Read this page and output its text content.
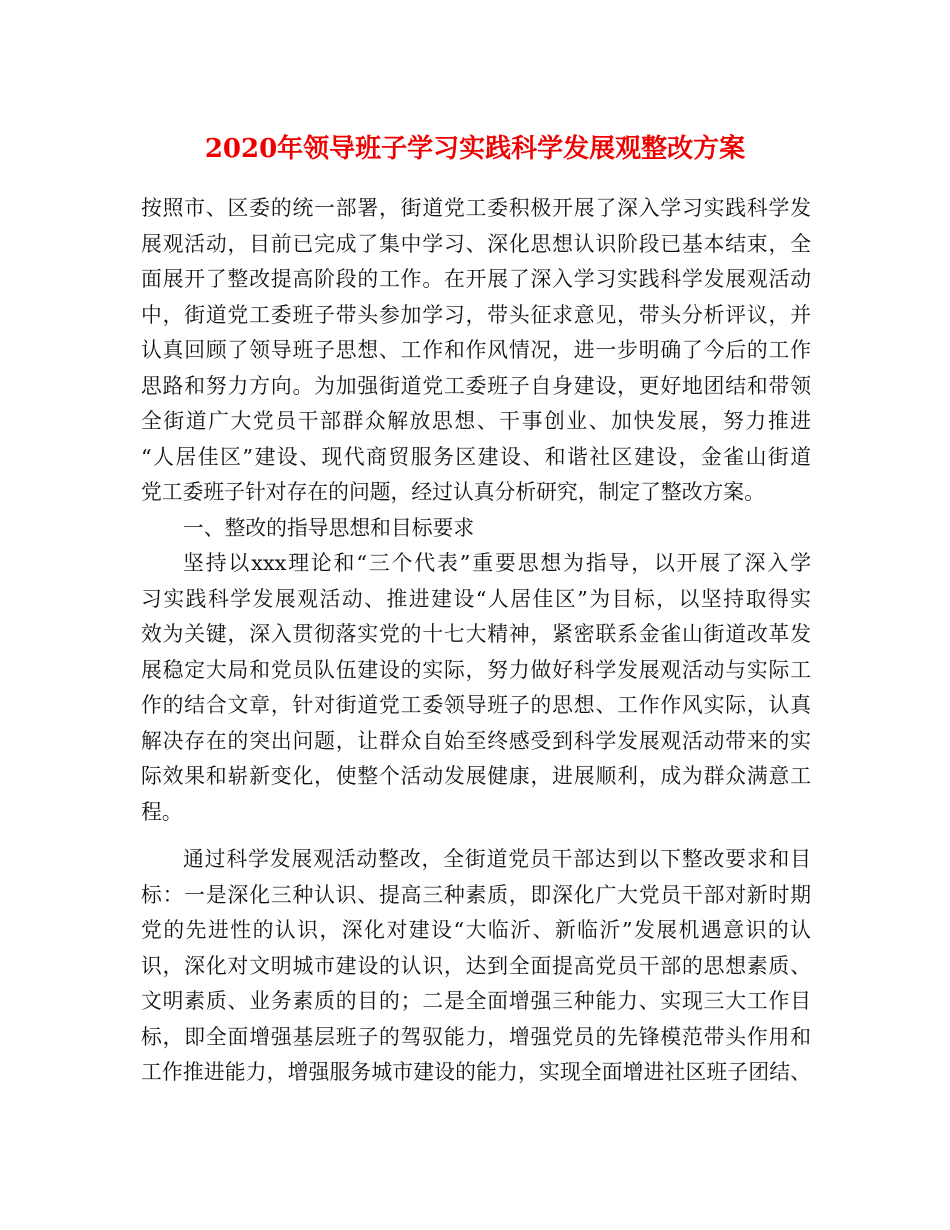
2020年领导班子学习实践科学发展观整改方案
按照市、区委的统一部署，街道党工委积极开展了深入学习实践科学发
展观活动，目前已完成了集中学习、深化思想认识阶段已基本结束，全
面展开了整改提高阶段的工作。在开展了深入学习实践科学发展观活动
中，街道党工委班子带头参加学习，带头征求意见，带头分析评议，并
认真回顾了领导班子思想、工作和作风情况，进一步明确了今后的工作
思路和努力方向。为加强街道党工委班子自身建设，更好地团结和带领
全街道广大党员干部群众解放思想、干事创业、加快发展，努力推进
“人居佳区”建设、现代商贸服务区建设、和谐社区建设，金雀山街道
党工委班子针对存在的问题，经过认真分析研究，制定了整改方案。
一、整改的指导思想和目标要求
坚持以xxx理论和“三个代表”重要思想为指导，以开展了深入学
习实践科学发展观活动、推进建设“人居佳区”为目标，以坚持取得实
效为关键，深入贯彻落实党的十七大精神，紧密联系金雀山街道改革发
展稳定大局和党员队伍建设的实际，努力做好科学发展观活动与实际工
作的结合文章，针对街道党工委领导班子的思想、工作作风实际，认真
解决存在的突出问题，让群众自始至终感受到科学发展观活动带来的实
际效果和崭新变化，使整个活动发展健康，进展顺利，成为群众满意工
程。
通过科学发展观活动整改，全街道党员干部达到以下整改要求和目
标：一是深化三种认识、提高三种素质，即深化广大党员干部对新时期
党的先进性的认识，深化对建设“大临沂、新临沂”发展机遇意识的认
识，深化对文明城市建设的认识，达到全面提高党员干部的思想素质、
文明素质、业务素质的目的；二是全面增强三种能力、实现三大工作目
标，即全面增强基层班子的驾驭能力，增强党员的先锋模范带头作用和
工作推进能力，增强服务城市建设的能力，实现全面增进社区班子团结、
